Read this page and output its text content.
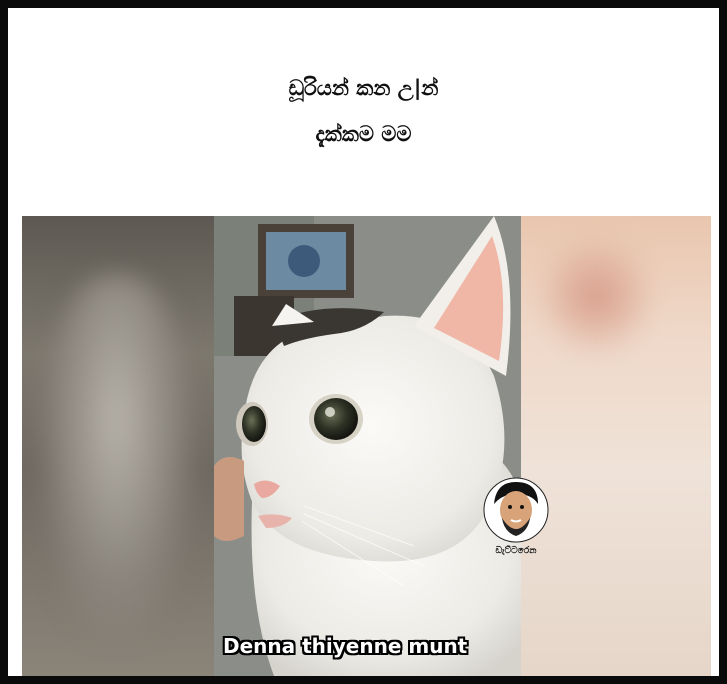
ඩූරියන් කන උ|න්
දැක්කම මම
ඩැට්ටරෙන
Denna thiyenne munt
